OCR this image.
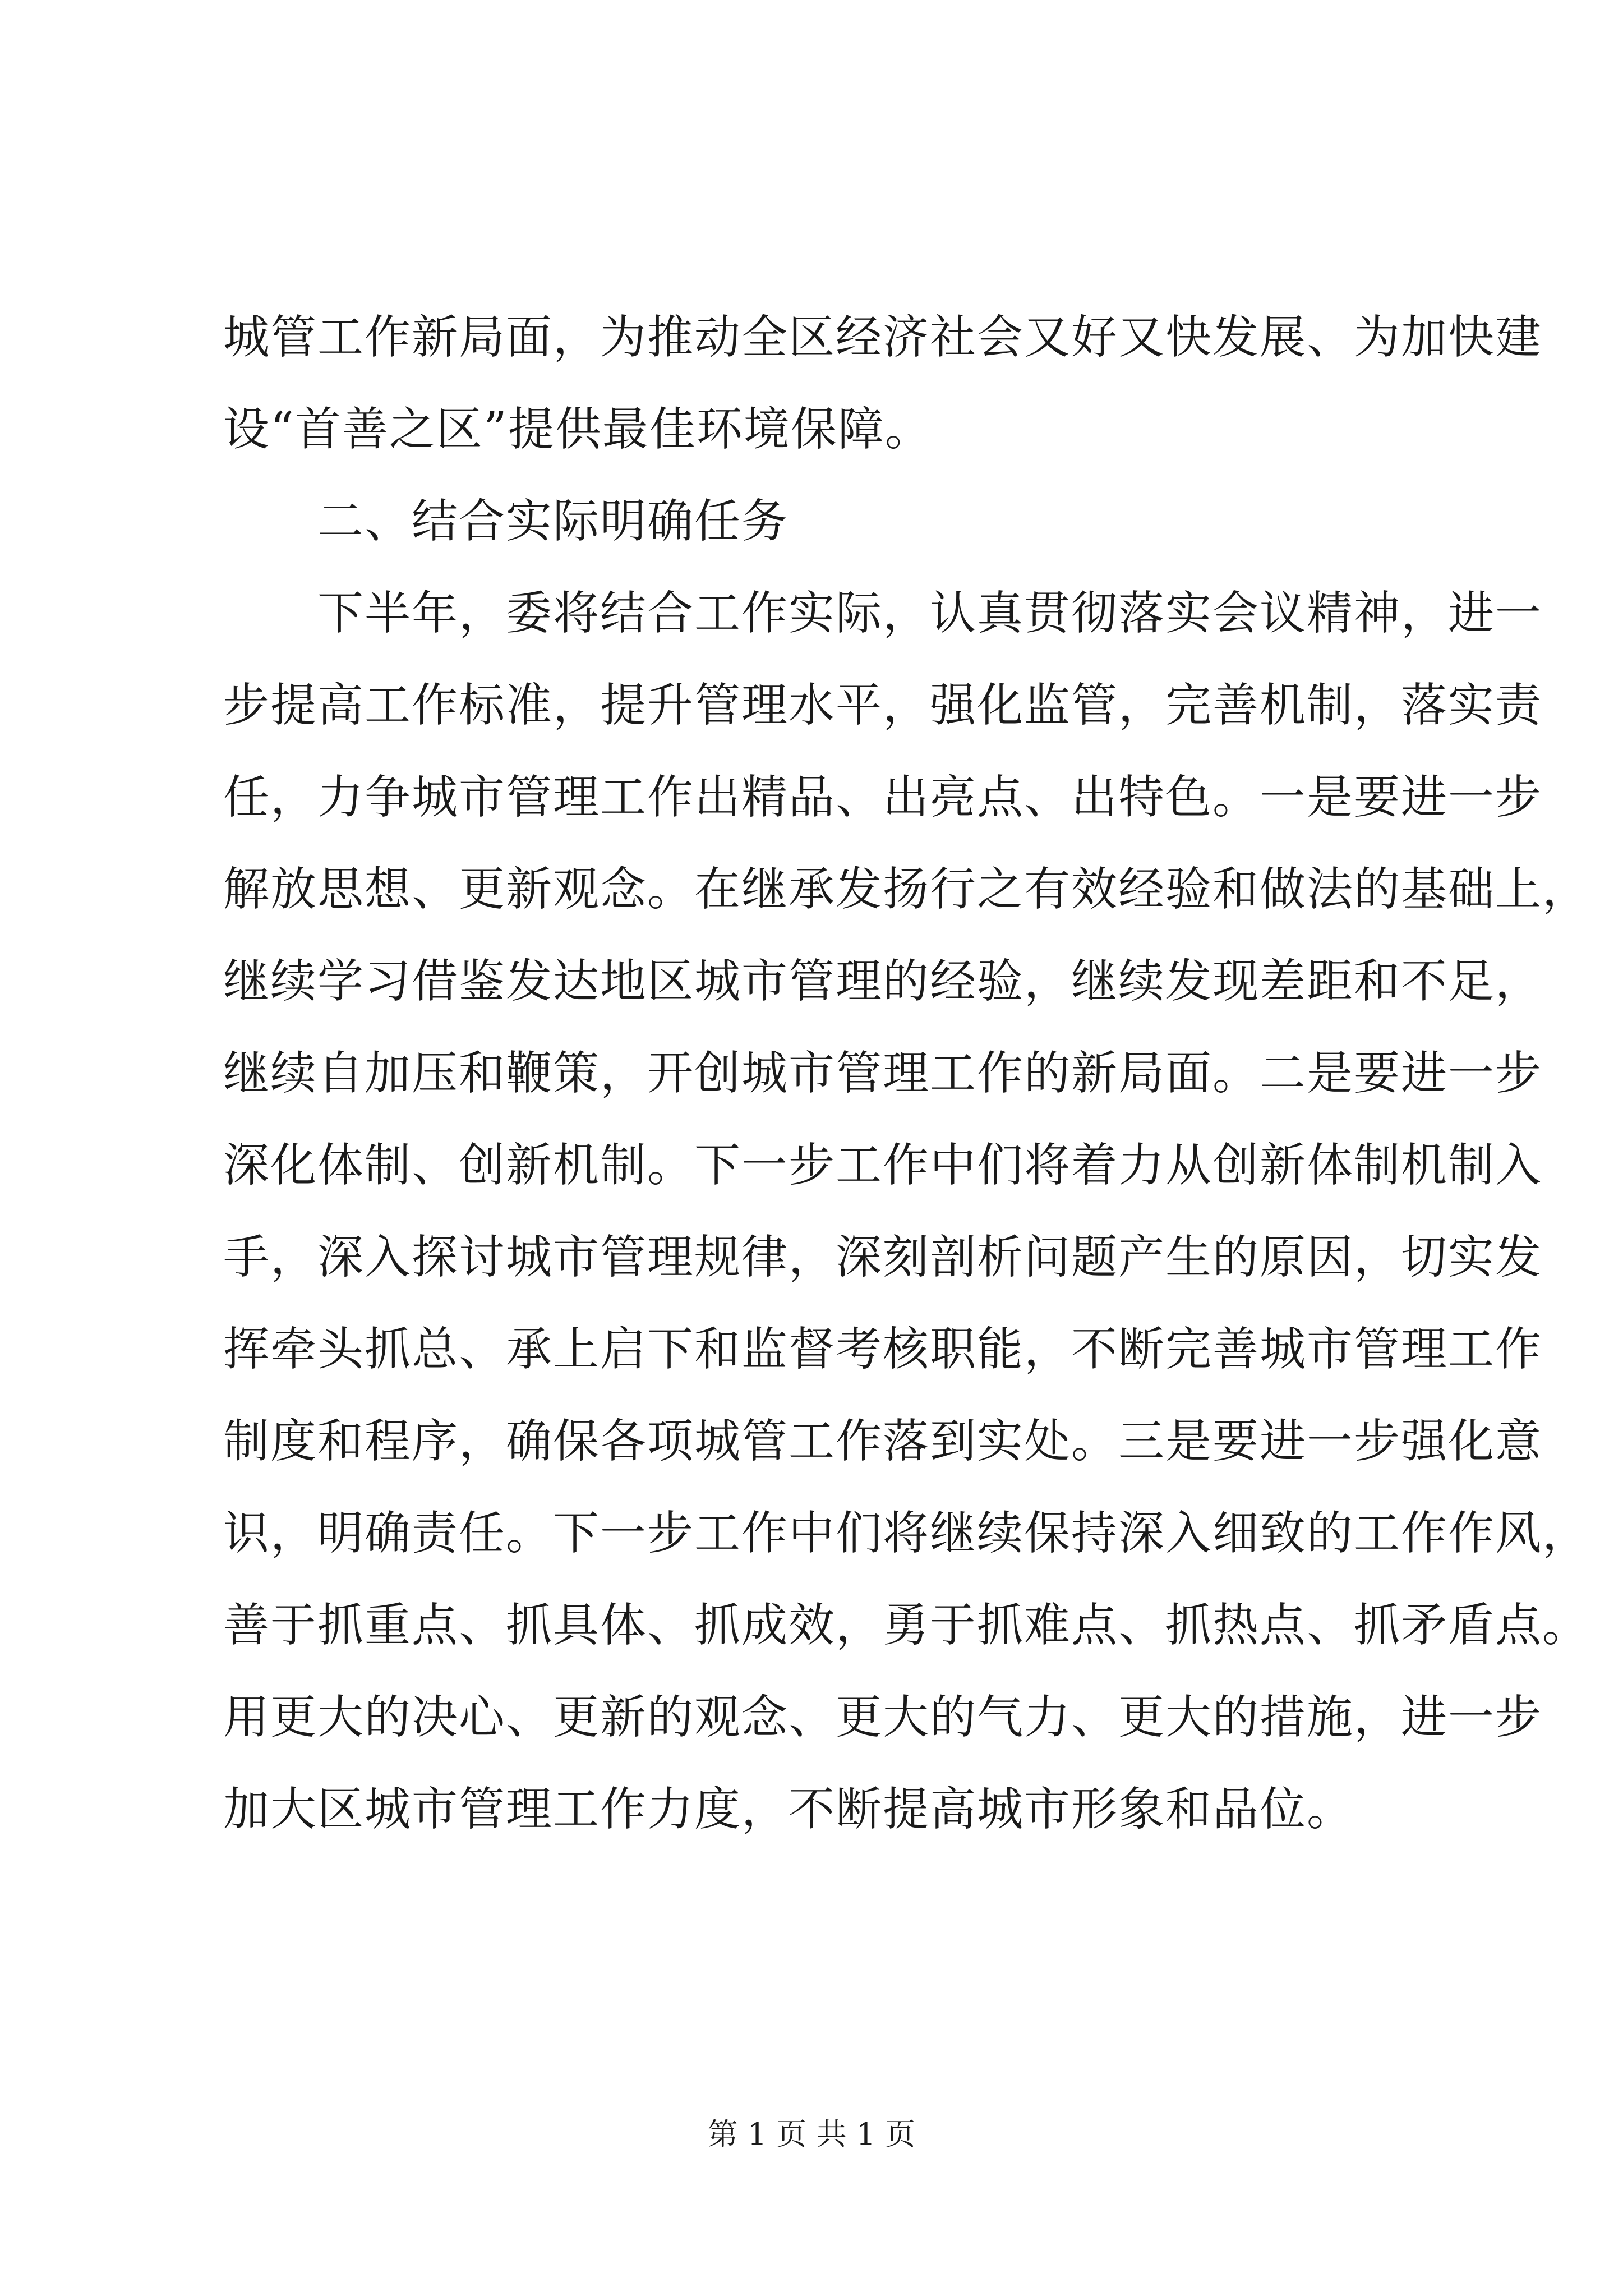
城管工作新局面，为推动全区经济社会又好又快发展、为加快建
设“首善之区”提供最佳环境保障。
　　二、结合实际明确任务
　　下半年，委将结合工作实际，认真贯彻落实会议精神，进一
步提高工作标准，提升管理水平，强化监管，完善机制，落实责
任，力争城市管理工作出精品、出亮点、出特色。一是要进一步
解放思想、更新观念。在继承发扬行之有效经验和做法的基础上，
继续学习借鉴发达地区城市管理的经验，继续发现差距和不足，
继续自加压和鞭策，开创城市管理工作的新局面。二是要进一步
深化体制、创新机制。下一步工作中们将着力从创新体制机制入
手，深入探讨城市管理规律，深刻剖析问题产生的原因，切实发
挥牵头抓总、承上启下和监督考核职能，不断完善城市管理工作
制度和程序，确保各项城管工作落到实处。三是要进一步强化意
识，明确责任。下一步工作中们将继续保持深入细致的工作作风，
善于抓重点、抓具体、抓成效，勇于抓难点、抓热点、抓矛盾点。
用更大的决心、更新的观念、更大的气力、更大的措施，进一步
加大区城市管理工作力度，不断提高城市形象和品位。
第 1 页 共 1 页
